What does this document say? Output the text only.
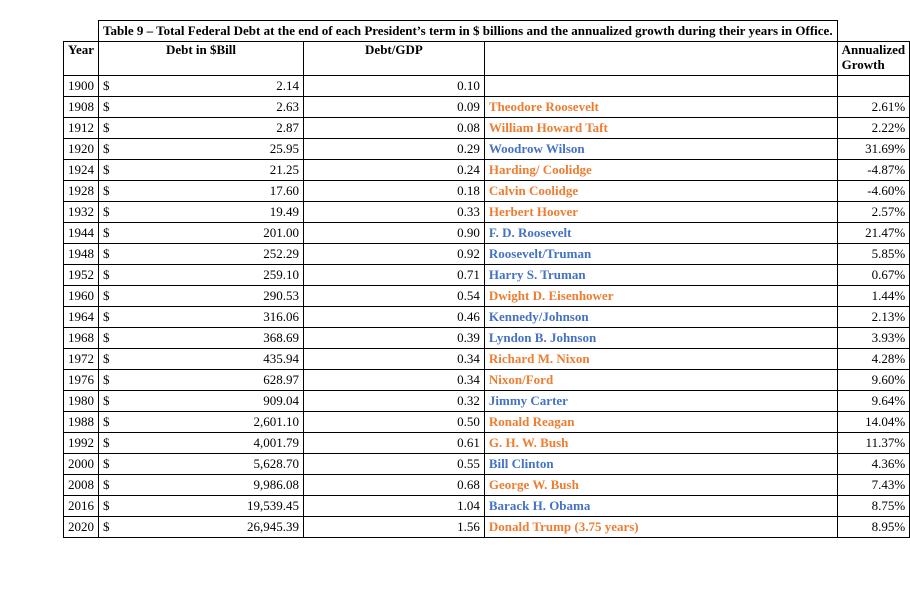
	Table 9 – Total Federal Debt at the end of each President’s term in $ billions and the annualized growth during their years in Office.			
Year	Debt in $Bill	Debt/GDP		Annualized Growth
1900	$ 2.14	0.10		
1908	$ 2.63	0.09	Theodore Roosevelt	2.61%
1912	$ 2.87	0.08	William Howard Taft	2.22%
1920	$ 25.95	0.29	Woodrow Wilson	31.69%
1924	$ 21.25	0.24	Harding/ Coolidge	-4.87%
1928	$ 17.60	0.18	Calvin Coolidge	-4.60%
1932	$ 19.49	0.33	Herbert Hoover	2.57%
1944	$ 201.00	0.90	F. D. Roosevelt	21.47%
1948	$ 252.29	0.92	Roosevelt/Truman	5.85%
1952	$ 259.10	0.71	Harry S. Truman	0.67%
1960	$ 290.53	0.54	Dwight D. Eisenhower	1.44%
1964	$ 316.06	0.46	Kennedy/Johnson	2.13%
1968	$ 368.69	0.39	Lyndon B. Johnson	3.93%
1972	$ 435.94	0.34	Richard M. Nixon	4.28%
1976	$ 628.97	0.34	Nixon/Ford	9.60%
1980	$ 909.04	0.32	Jimmy Carter	9.64%
1988	$ 2,601.10	0.50	Ronald Reagan	14.04%
1992	$ 4,001.79	0.61	G. H. W. Bush	11.37%
2000	$ 5,628.70	0.55	Bill Clinton	4.36%
2008	$ 9,986.08	0.68	George W. Bush	7.43%
2016	$ 19,539.45	1.04	Barack H. Obama	8.75%
2020	$ 26,945.39	1.56	Donald Trump (3.75 years)	8.95%
